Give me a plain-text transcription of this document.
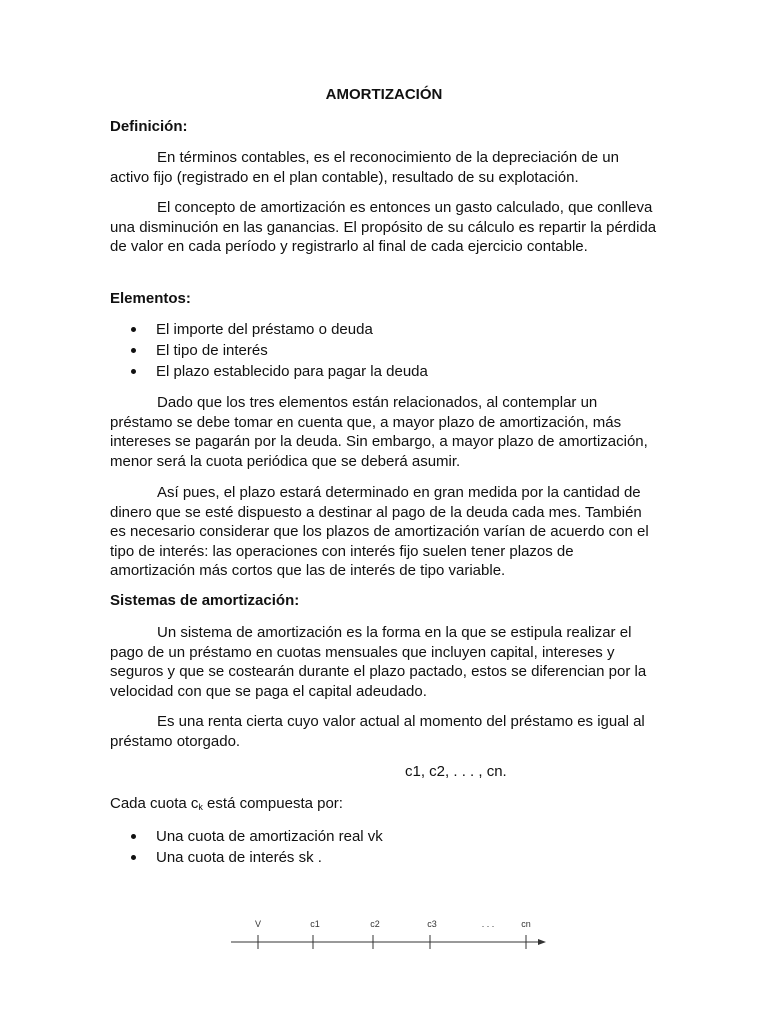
AMORTIZACIÓN
Definición:

En términos contables, es el reconocimiento de la depreciación de un activo fijo (registrado en el plan contable), resultado de su explotación.

El concepto de amortización es entonces un gasto calculado, que conlleva una disminución en las ganancias. El propósito de su cálculo es repartir la pérdida de valor en cada período y registrarlo al final de cada ejercicio contable.

Elementos:
El importe del préstamo o deuda
El tipo de interés
El plazo establecido para pagar la deuda

Dado que los tres elementos están relacionados, al contemplar un préstamo se debe tomar en cuenta que, a mayor plazo de amortización, más intereses se pagarán por la deuda. Sin embargo, a mayor plazo de amortización, menor será la cuota periódica que se deberá asumir.

Así pues, el plazo estará determinado en gran medida por la cantidad de dinero que se esté dispuesto a destinar al pago de la deuda cada mes. También es necesario considerar que los plazos de amortización varían de acuerdo con el tipo de interés: las operaciones con interés fijo suelen tener plazos de amortización más cortos que las de interés de tipo variable.

Sistemas de amortización:

Un sistema de amortización es la forma en la que se estipula realizar el pago de un préstamo en cuotas mensuales que incluyen capital, intereses y seguros y que se costearán durante el plazo pactado, estos se diferencian por la velocidad con que se paga el capital adeudado.

Es una renta cierta cuyo valor actual al momento del préstamo es igual al préstamo otorgado.

c1, c2, . . . , cn.
Cada cuota $c_k$ está compuesta por:
Una cuota de amortización real vk
Una cuota de interés sk .
V	c1	c2	c3	. . .	cn
